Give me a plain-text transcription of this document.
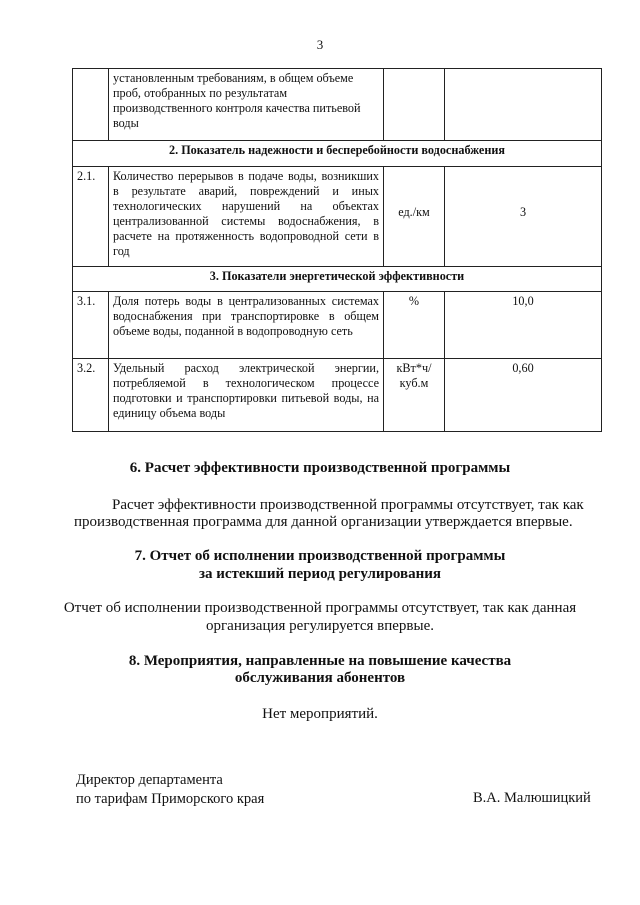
3
	установленным требованиям, в общем объеме проб, отобранных по результатам производственного контроля качества питьевой воды		
2. Показатель надежности и бесперебойности водоснабжения			
2.1.	Количество перерывов в подаче воды, возникших в результате аварий, повреждений и иных технологических нарушений на объектах централизованной системы водоснабжения, в расчете на протяженность водопроводной сети в год	ед./км	3
3. Показатели энергетической эффективности			
3.1.	Доля потерь воды в централизованных системах водоснабжения при транспортировке в общем объеме воды, поданной в водопроводную сеть	%	10,0
3.2.	Удельный расход электрической энергии, потребляемой в технологическом процессе подготовки и транспортировки питьевой воды, на единицу объема воды	кВт*ч/ куб.м	0,60
6. Расчет эффективности производственной программы
Расчет эффективности производственной программы отсутствует, так как
производственная программа для данной организации утверждается впервые.
7. Отчет об исполнении производственной программы
за истекший период регулирования
Отчет об исполнении производственной программы отсутствует, так как данная
организация регулируется впервые.
8. Мероприятия, направленные на повышение качества
обслуживания абонентов
Нет мероприятий.
Директор департамента
по тарифам Приморского края	В.А. Малюшицкий
